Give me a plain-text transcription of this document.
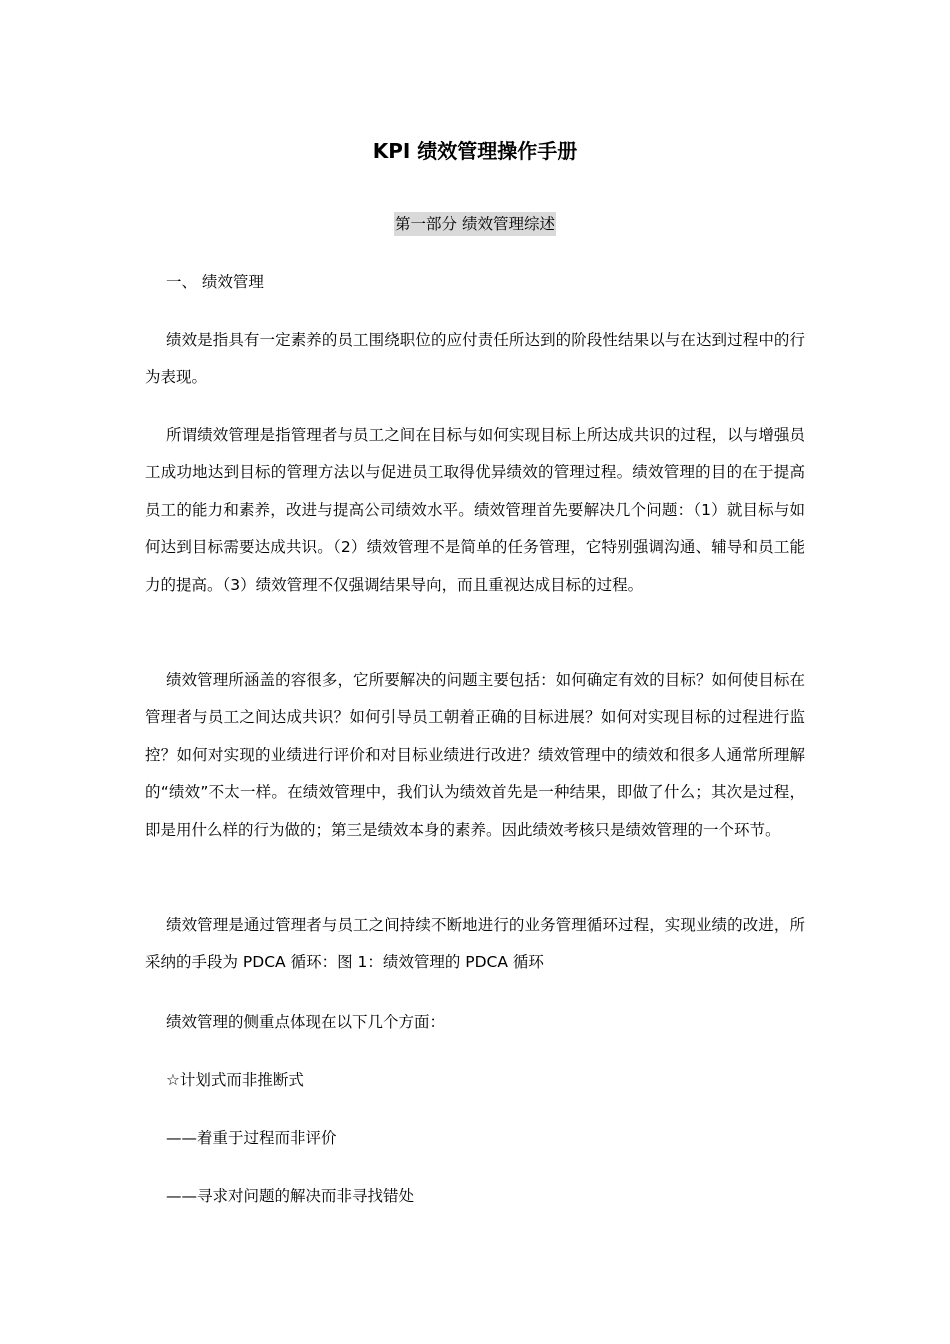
KPI 绩效管理操作手册
第一部分 绩效管理综述
一、 绩效管理

绩效是指具有一定素养的员工围绕职位的应付责任所达到的阶段性结果以与在达到过程中的行为表现。

所谓绩效管理是指管理者与员工之间在目标与如何实现目标上所达成共识的过程，以与增强员工成功地达到目标的管理方法以与促进员工取得优异绩效的管理过程。绩效管理的目的在于提高员工的能力和素养，改进与提高公司绩效水平。绩效管理首先要解决几个问题：（1）就目标与如何达到目标需要达成共识。（2）绩效管理不是简单的任务管理，它特别强调沟通、辅导和员工能力的提高。（3）绩效管理不仅强调结果导向，而且重视达成目标的过程。

绩效管理所涵盖的容很多，它所要解决的问题主要包括：如何确定有效的目标？如何使目标在管理者与员工之间达成共识？如何引导员工朝着正确的目标进展？如何对实现目标的过程进行监控？如何对实现的业绩进行评价和对目标业绩进行改进？绩效管理中的绩效和很多人通常所理解的“绩效”不太一样。在绩效管理中，我们认为绩效首先是一种结果，即做了什么；其次是过程，即是用什么样的行为做的；第三是绩效本身的素养。因此绩效考核只是绩效管理的一个环节。

绩效管理是通过管理者与员工之间持续不断地进行的业务管理循环过程，实现业绩的改进，所采纳的手段为 PDCA 循环：图 1：绩效管理的 PDCA 循环

绩效管理的侧重点体现在以下几个方面：
☆计划式而非推断式
——着重于过程而非评价
——寻求对问题的解决而非寻找错处
